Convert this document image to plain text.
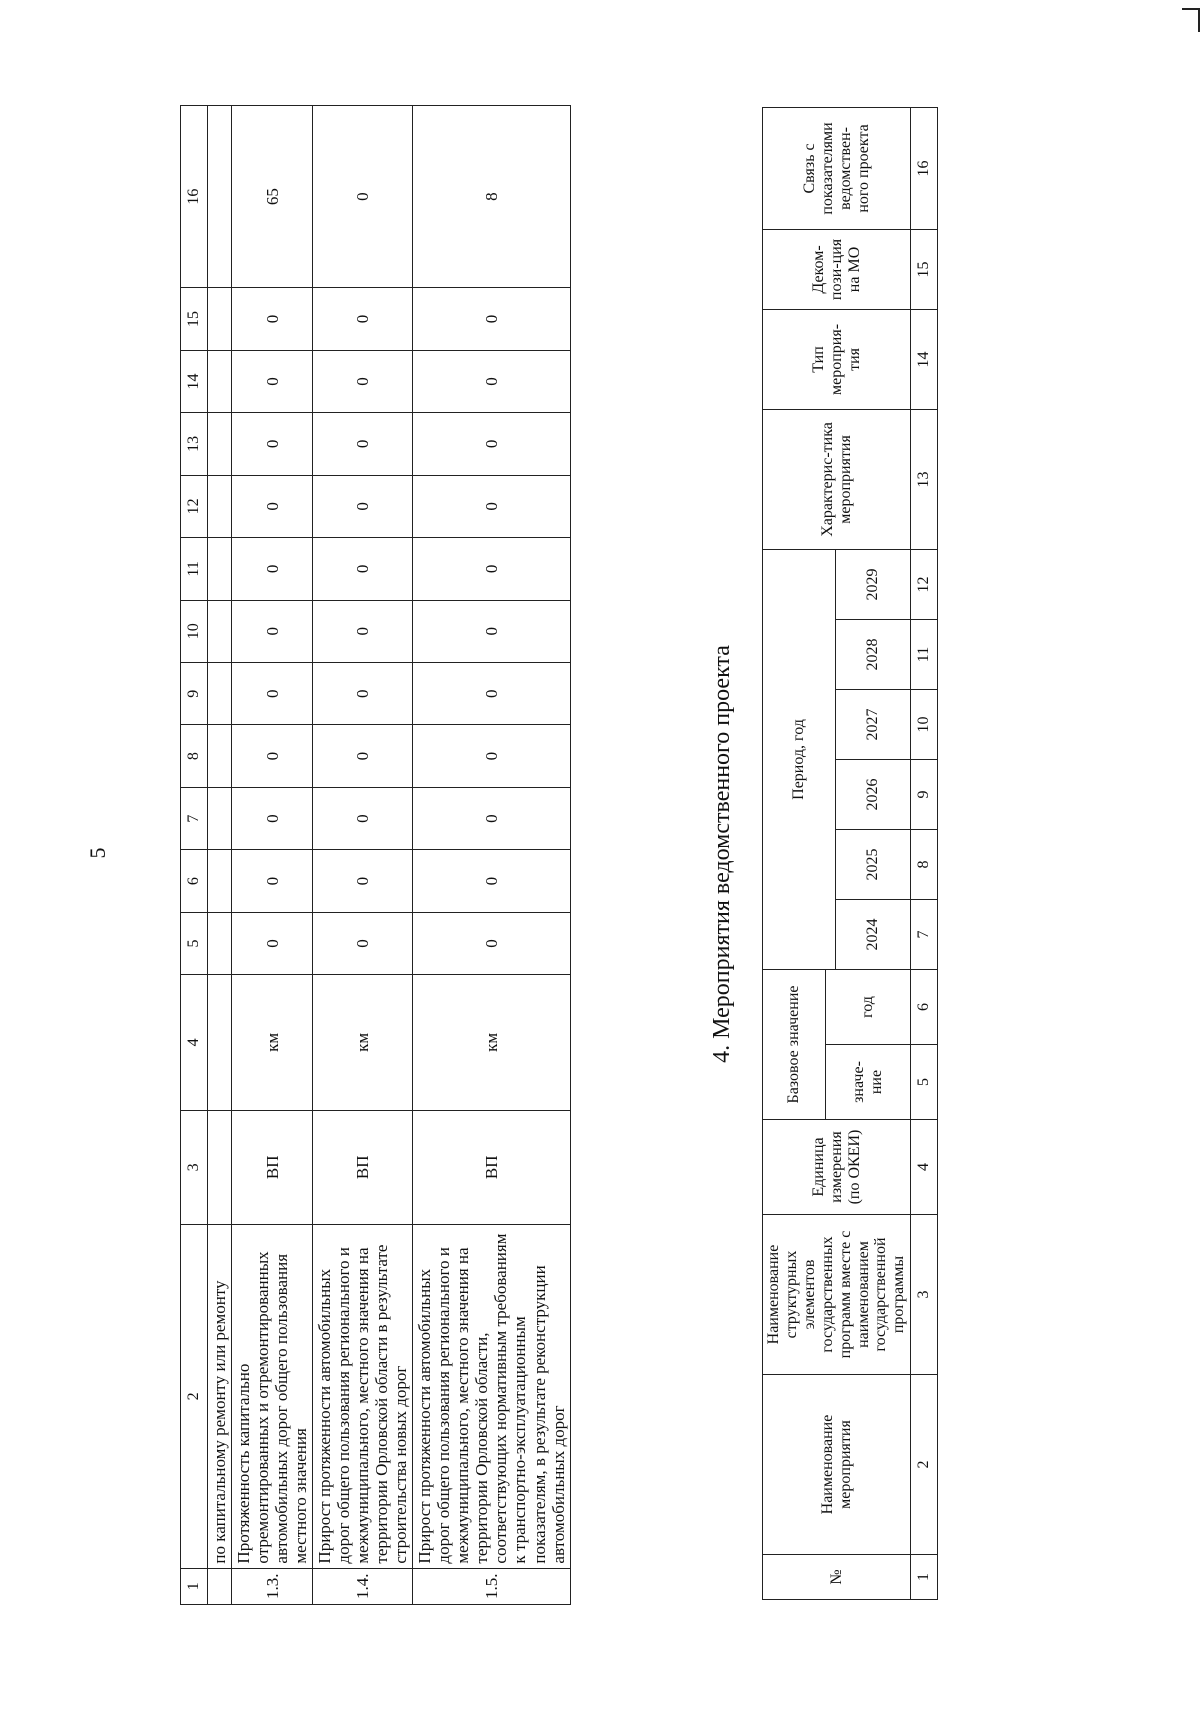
5
1	2	3	4	5	6	7	8	9	10	11	12	13	14	15	16
	по капитальному ремонту или ремонту														
1.3.	Протяженность капитально отремонтированных и отремонтированных автомобильных дорог общего пользования местного значения	ВП	км	0	0	0	0	0	0	0	0	0	0	0	65
1.4.	Прирост протяженности автомобильных дорог общего пользования регионального и межмуниципального, местного значения на территории Орловской области в результате строительства новых дорог	ВП	км	0	0	0	0	0	0	0	0	0	0	0	0
1.5.	Прирост протяженности автомобильных дорог общего пользования регионального и межмуниципального, местного значения на территории Орловской области, соответствующих нормативным требованиям к транспортно-эксплуатационным показателям, в результате реконструкции автомобильных дорог	ВП	км	0	0	0	0	0	0	0	0	0	0	0	8
4. Мероприятия ведомственного проекта
№	Наименование мероприятия	Наименование структурных элементов государственных программ вместе с наименованием государственной программы	Единица измерения (по ОКЕИ)	Базовое значение		Период, год						Характерис-тика мероприятия	Тип мероприя-тия	Деком-пози-ция на МО	Связь с показателями ведомствен-ного проекта
				значе-ние	год										
						2024	2025	2026	2027	2028	2029				
1	2	3	4	5	6	7	8	9	10	11	12	13	14	15	16
